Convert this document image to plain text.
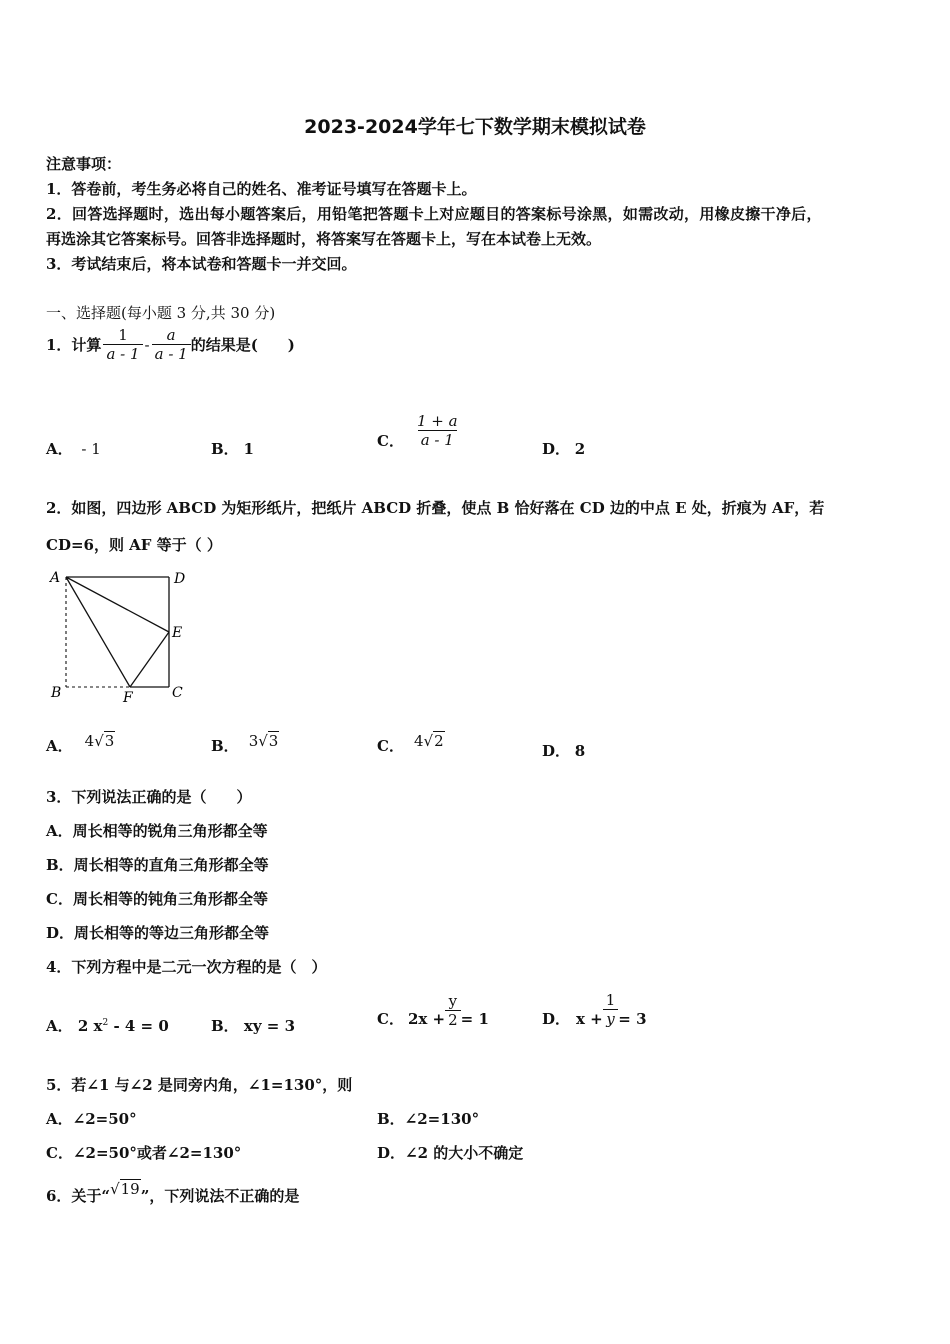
2023-2024学年七下数学期末模拟试卷
注意事项：
1．答卷前，考生务必将自己的姓名、准考证号填写在答题卡上。
2．回答选择题时，选出每小题答案后，用铅笔把答题卡上对应题目的答案标号涂黑，如需改动，用橡皮擦干净后，
再选涂其它答案标号。回答非选择题时，将答案写在答题卡上，写在本试卷上无效。
3．考试结束后，将本试卷和答题卡一并交回。
一、选择题(每小题 3 分,共 30 分)
1．计算 $\frac{1}{a - 1} - \frac{a}{a - 1}$ 的结果是(　　)
A． - 1	B． 1	C． $\frac{1 + a}{a - 1}$	D． 2
2．如图，四边形 ABCD 为矩形纸片，把纸片 ABCD 折叠，使点 B 恰好落在 CD 边的中点 E 处，折痕为 AF，若
CD=6，则 AF 等于（ ）
A	D
E
B	F	C
A． 4√3	B． 3√3	C． 4√2
D． 8
3．下列说法正确的是（　　）
A．周长相等的锐角三角形都全等
B．周长相等的直角三角形都全等
C．周长相等的钝角三角形都全等
D．周长相等的等边三角形都全等
4．下列方程中是二元一次方程的是（　）
A． 2 $x^2 - 4 = 0$	B． xy = 3	C． $2x + \frac{y}{2} = 1$	D． $x + \frac{1}{y} = 3$
5．若∠1 与∠2 是同旁内角，∠1=130°，则
A．∠2=50°	B．∠2=130°
C．∠2=50°或者∠2=130°	D．∠2 的大小不确定
6．关于“ √19 ”，下列说法不正确的是
